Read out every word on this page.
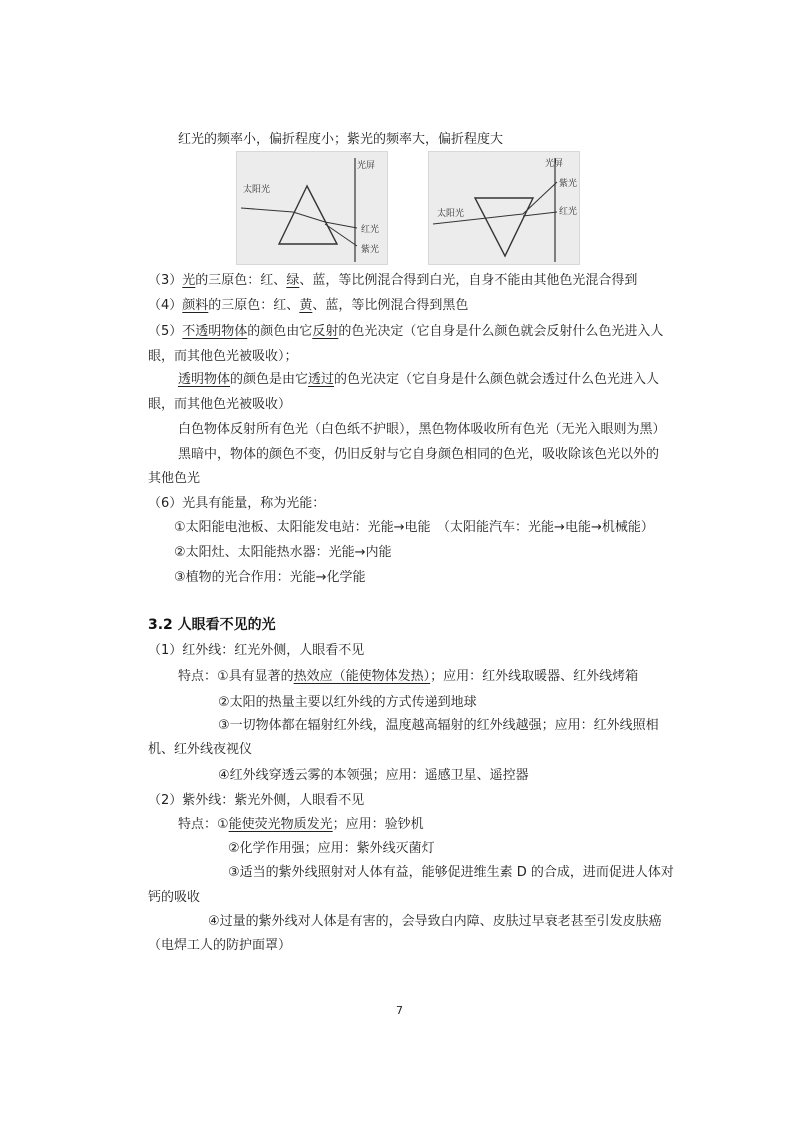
红光的频率小，偏折程度小；紫光的频率大，偏折程度大
太阳光
光屏
红光
紫光
太阳光
光屏
紫光
红光
（3）光的三原色：红、绿、蓝，等比例混合得到白光，自身不能由其他色光混合得到
（4）颜料的三原色：红、黄、蓝，等比例混合得到黑色
（5）不透明物体的颜色由它反射的色光决定（它自身是什么颜色就会反射什么色光进入人
眼，而其他色光被吸收）；
透明物体的颜色是由它透过的色光决定（它自身是什么颜色就会透过什么色光进入人
眼，而其他色光被吸收）
白色物体反射所有色光（白色纸不护眼），黑色物体吸收所有色光（无光入眼则为黑）
黑暗中，物体的颜色不变，仍旧反射与它自身颜色相同的色光，吸收除该色光以外的
其他色光
（6）光具有能量，称为光能：
①太阳能电池板、太阳能发电站：光能→电能　（太阳能汽车：光能→电能→机械能）
②太阳灶、太阳能热水器：光能→内能
③植物的光合作用：光能→化学能
3.2 人眼看不见的光
（1）红外线：红光外侧，人眼看不见
特点：①具有显著的热效应（能使物体发热）；应用：红外线取暖器、红外线烤箱
②太阳的热量主要以红外线的方式传递到地球
③一切物体都在辐射红外线，温度越高辐射的红外线越强；应用：红外线照相
机、红外线夜视仪
④红外线穿透云雾的本领强；应用：遥感卫星、遥控器
（2）紫外线：紫光外侧，人眼看不见
特点：①能使荧光物质发光；应用：验钞机
②化学作用强；应用：紫外线灭菌灯
③适当的紫外线照射对人体有益，能够促进维生素 D 的合成，进而促进人体对
钙的吸收
④过量的紫外线对人体是有害的，会导致白内障、皮肤过早衰老甚至引发皮肤癌
（电焊工人的防护面罩）
7
